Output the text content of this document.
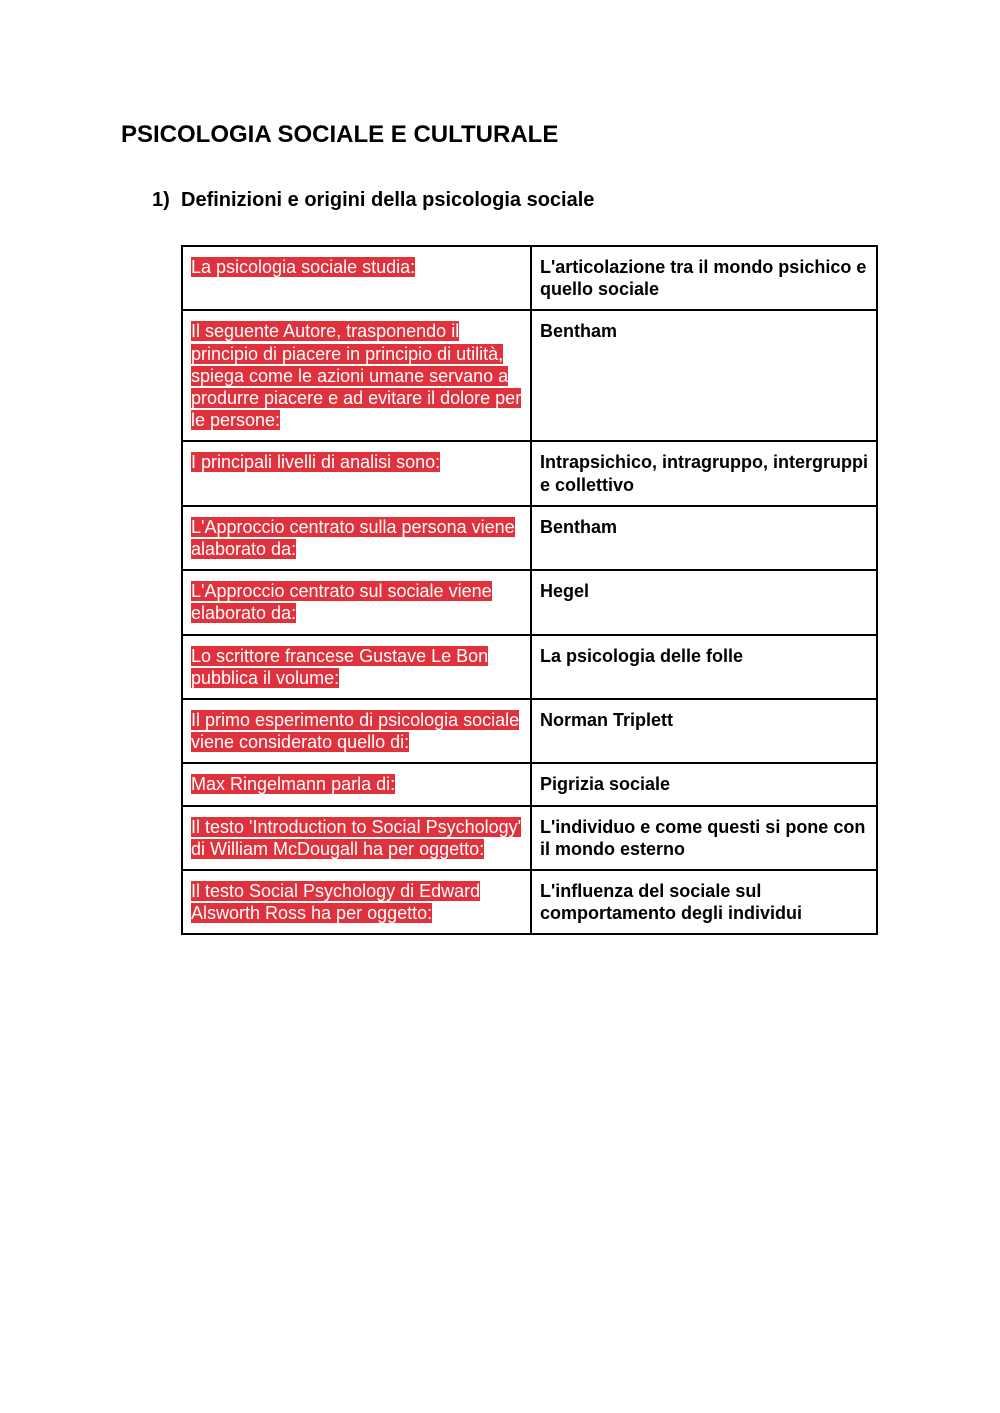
PSICOLOGIA SOCIALE E CULTURALE
1) Definizioni e origini della psicologia sociale
La psicologia sociale studia:	L'articolazione tra il mondo psichico e quello sociale
Il seguente Autore, trasponendo il principio di piacere in principio di utilità, spiega come le azioni umane servano a produrre piacere e ad evitare il dolore per le persone:	Bentham
I principali livelli di analisi sono:	Intrapsichico, intragruppo, intergruppi e collettivo
L'Approccio centrato sulla persona viene alaborato da:	Bentham
L'Approccio centrato sul sociale viene elaborato da:	Hegel
Lo scrittore francese Gustave Le Bon pubblica il volume:	La psicologia delle folle
Il primo esperimento di psicologia sociale viene considerato quello di:	Norman Triplett
Max Ringelmann parla di:	Pigrizia sociale
Il testo 'Introduction to Social Psychology' di William McDougall ha per oggetto:	L'individuo e come questi si pone con il mondo esterno
Il testo Social Psychology di Edward Alsworth Ross ha per oggetto:	L'influenza del sociale sul comportamento degli individui
